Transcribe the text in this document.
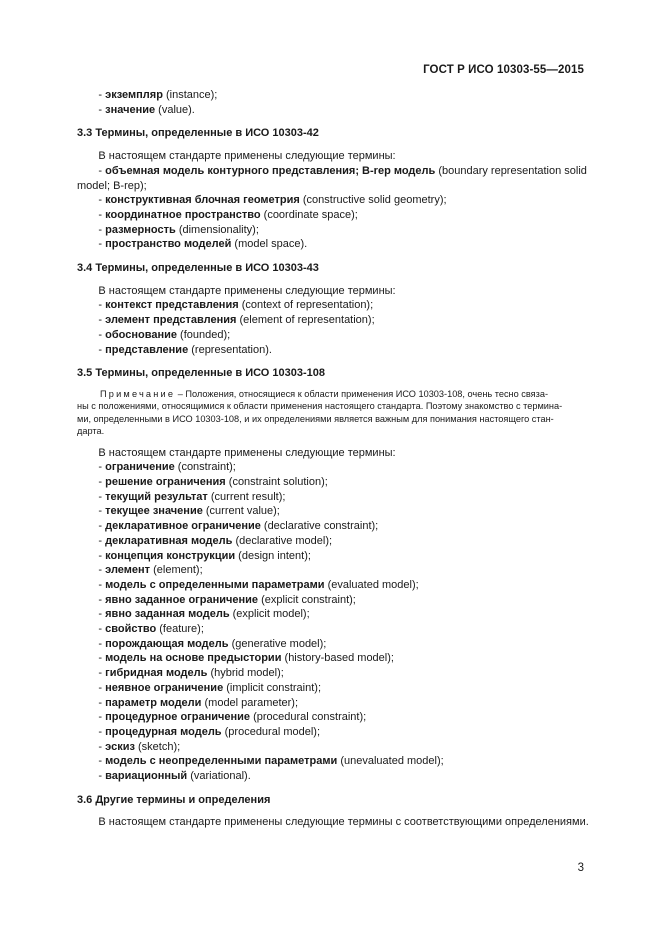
ГОСТ Р ИСО 10303-55—2015
- экземпляр (instance);
- значение (value).
3.3 Термины, определенные в ИСО 10303-42
В настоящем стандарте применены следующие термины:
- объемная модель контурного представления; B-rep модель (boundary representation solid
model; B-rep);
- конструктивная блочная геометрия (constructive solid geometry);
- координатное пространство (coordinate space);
- размерность (dimensionality);
- пространство моделей (model space).
3.4 Термины, определенные в ИСО 10303-43
В настоящем стандарте применены следующие термины:
- контекст представления (context of representation);
- элемент представления (element of representation);
- обоснование (founded);
- представление (representation).
3.5 Термины, определенные в ИСО 10303-108
Примечание – Положения, относящиеся к области применения ИСО 10303-108, очень тесно связа-
ны с положениями, относящимися к области применения настоящего стандарта. Поэтому знакомство с термина-
ми, определенными в ИСО 10303-108, и их определениями является важным для понимания настоящего стан-
дарта.
В настоящем стандарте применены следующие термины:
- ограничение (constraint);
- решение ограничения (constraint solution);
- текущий результат (current result);
- текущее значение (current value);
- декларативное ограничение (declarative constraint);
- декларативная модель (declarative model);
- концепция конструкции (design intent);
- элемент (element);
- модель с определенными параметрами (evaluated model);
- явно заданное ограничение (explicit constraint);
- явно заданная модель (explicit model);
- свойство (feature);
- порождающая модель (generative model);
- модель на основе предыстории (history-based model);
- гибридная модель (hybrid model);
- неявное ограничение (implicit constraint);
- параметр модели (model parameter);
- процедурное ограничение (procedural constraint);
- процедурная модель (procedural model);
- эскиз (sketch);
- модель с неопределенными параметрами (unevaluated model);
- вариационный (variational).
3.6 Другие термины и определения
В настоящем стандарте применены следующие термины с соответствующими определениями.
3
